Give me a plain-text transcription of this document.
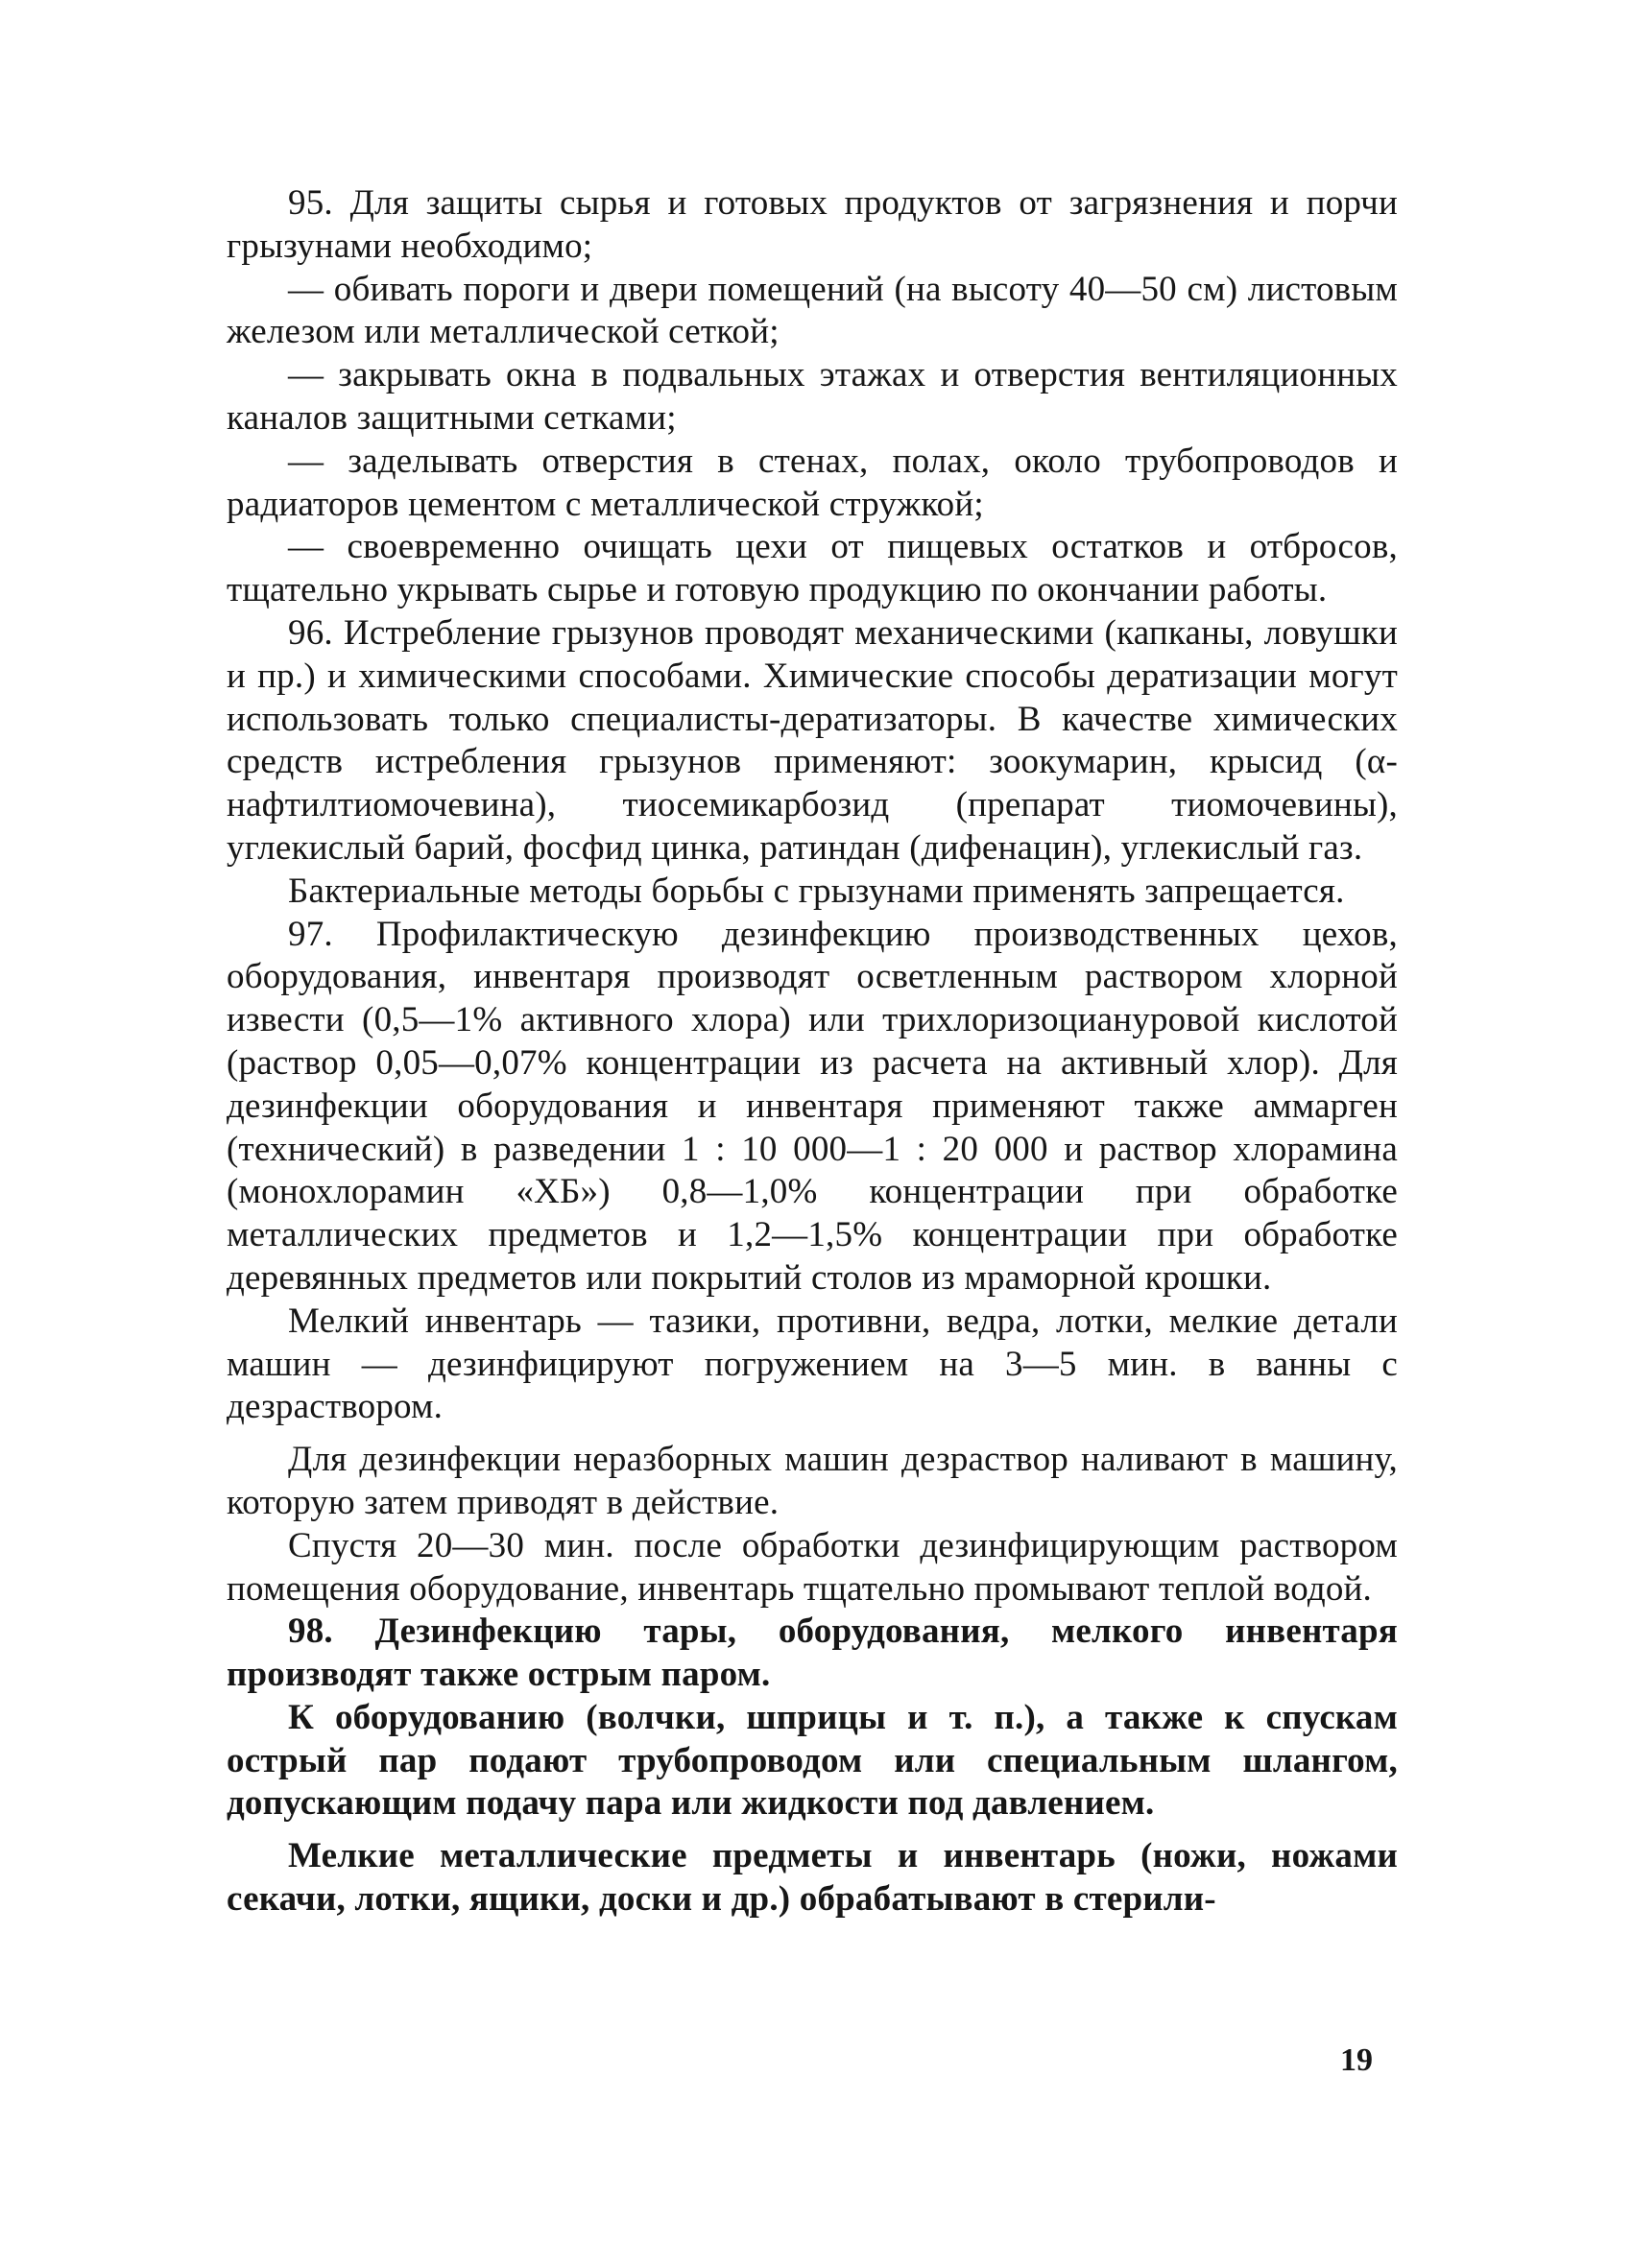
95. Для защиты сырья и готовых продуктов от загрязнения и порчи грызунами необходимо;

— обивать пороги и двери помещений (на высоту 40—50 см) листовым железом или металлической сеткой;

— закрывать окна в подвальных этажах и отверстия вентиляционных каналов защитными сетками;

— заделывать отверстия в стенах, полах, около трубопроводов и радиаторов цементом с металлической стружкой;

— своевременно очищать цехи от пищевых остатков и отбросов, тщательно укрывать сырье и готовую продукцию по окончании работы.

96. Истребление грызунов проводят механическими (капканы, ловушки и пр.) и химическими способами. Химические способы дератизации могут использовать только специалисты-дератизаторы. В качестве химических средств истребления грызунов применяют: зоокумарин, крысид (α-нафтилтиомочевина), тиосемикарбозид (препарат тиомочевины), углекислый барий, фосфид цинка, ратиндан (дифенацин), углекислый газ.

Бактериальные методы борьбы с грызунами применять запрещается.

97. Профилактическую дезинфекцию производственных цехов, оборудования, инвентаря производят осветленным раствором хлорной извести (0,5—1% активного хлора) или трихлоризоциануровой кислотой (раствор 0,05—0,07% концентрации из расчета на активный хлор). Для дезинфекции оборудования и инвентаря применяют также аммарген (технический) в разведении 1 : 10 000—1 : 20 000 и раствор хлорамина (монохлорамин «ХБ») 0,8—1,0% концентрации при обработке металлических предметов и 1,2—1,5% концентрации при обработке деревянных предметов или покрытий столов из мраморной крошки.

Мелкий инвентарь — тазики, противни, ведра, лотки, мелкие детали машин — дезинфицируют погружением на 3—5 мин. в ванны с дезраствором.

Для дезинфекции неразборных машин дезраствор наливают в машину, которую затем приводят в действие.

Спустя 20—30 мин. после обработки дезинфицирующим раствором помещения оборудование, инвентарь тщательно промывают теплой водой.

98. Дезинфекцию тары, оборудования, мелкого инвентаря производят также острым паром.

К оборудованию (волчки, шприцы и т. п.), а также к спускам острый пар подают трубопроводом или специальным шлангом, допускающим подачу пара или жидкости под давлением.

Мелкие металлические предметы и инвентарь (ножи, ножами секачи, лотки, ящики, доски и др.) обрабатывают в стерили-

19
